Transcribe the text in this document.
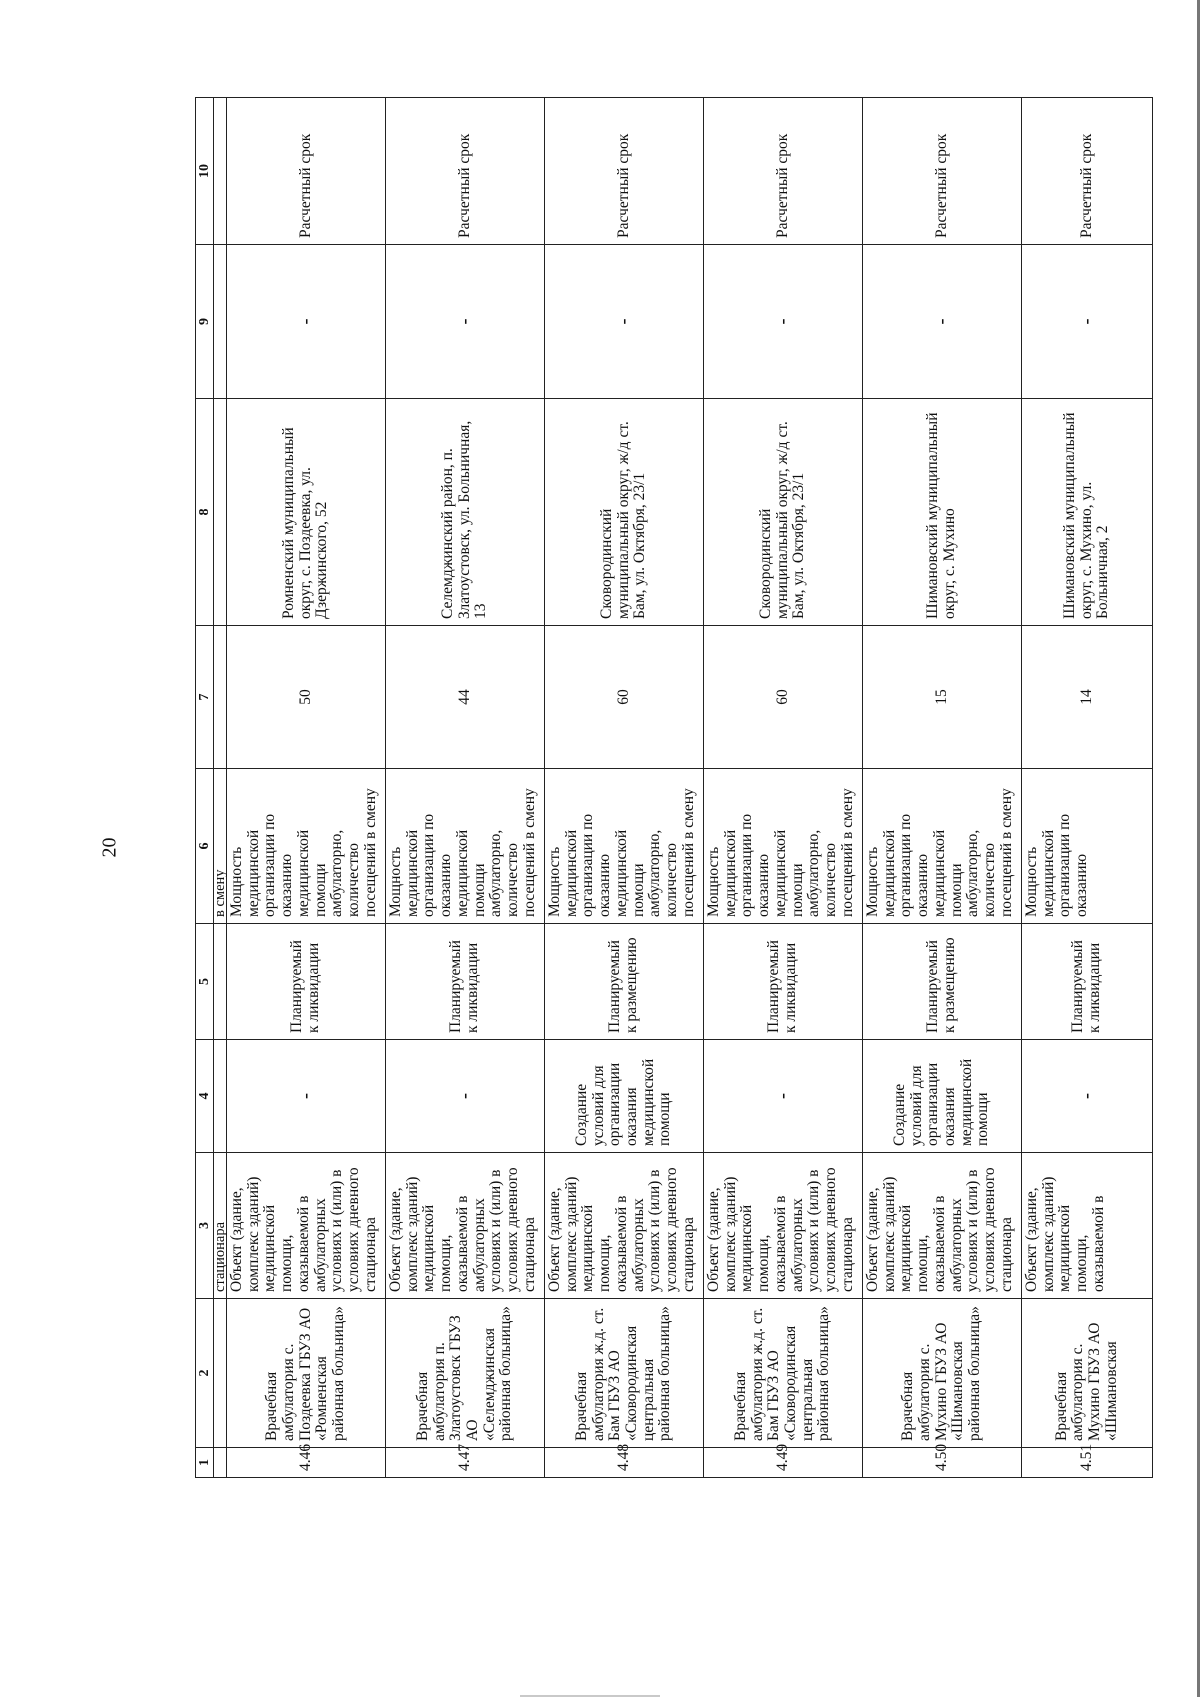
20
1	2	3	4	5	6	7	8	9	10
		стационара			в смену				
4.46	Врачебная амбулатория с. Поздеевка ГБУЗ АО «Ромненская районная больница»	Объект (здание, комплекс зданий) медицинской помощи, оказываемой в амбулаторных условиях и (или) в условиях дневного стационара	-	Планируемый к ликвидации	Мощность медицинской организации по оказанию медицинской помощи амбулаторно, количество посещений в смену	50	Ромненский муниципальный округ, с. Поздеевка, ул. Дзержинского, 52	-	Расчетный срок
4.47	Врачебная амбулатория п. Златоустовск ГБУЗ АО «Селемджинская районная больница»	Объект (здание, комплекс зданий) медицинской помощи, оказываемой в амбулаторных условиях и (или) в условиях дневного стационара	-	Планируемый к ликвидации	Мощность медицинской организации по оказанию медицинской помощи амбулаторно, количество посещений в смену	44	Селемджинский район, п. Златоустовск, ул. Больничная, 13	-	Расчетный срок
4.48	Врачебная амбулатория ж.д. ст. Бам ГБУЗ АО «Сковородинская центральная районная больница»	Объект (здание, комплекс зданий) медицинской помощи, оказываемой в амбулаторных условиях и (или) в условиях дневного стационара	Создание условий для организации оказания медицинской помощи	Планируемый к размещению	Мощность медицинской организации по оказанию медицинской помощи амбулаторно, количество посещений в смену	60	Сковородинский муниципальный округ, ж/д ст. Бам, ул. Октября, 23/1	-	Расчетный срок
4.49	Врачебная амбулатория ж.д. ст. Бам ГБУЗ АО «Сковородинская центральная районная больница»	Объект (здание, комплекс зданий) медицинской помощи, оказываемой в амбулаторных условиях и (или) в условиях дневного стационара	-	Планируемый к ликвидации	Мощность медицинской организации по оказанию медицинской помощи амбулаторно, количество посещений в смену	60	Сковородинский муниципальный округ, ж/д ст. Бам, ул. Октября, 23/1	-	Расчетный срок
4.50	Врачебная амбулатория с. Мухино ГБУЗ АО «Шимановская районная больница»	Объект (здание, комплекс зданий) медицинской помощи, оказываемой в амбулаторных условиях и (или) в условиях дневного стационара	Создание условий для организации оказания медицинской помощи	Планируемый к размещению	Мощность медицинской организации по оказанию медицинской помощи амбулаторно, количество посещений в смену	15	Шимановский муниципальный округ, с. Мухино	-	Расчетный срок
4.51	Врачебная амбулатория с. Мухино ГБУЗ АО «Шимановская	Объект (здание, комплекс зданий) медицинской помощи, оказываемой в	-	Планируемый к ликвидации	Мощность медицинской организации по оказанию	14	Шимановский муниципальный округ, с. Мухино, ул. Больничная, 2	-	Расчетный срок
